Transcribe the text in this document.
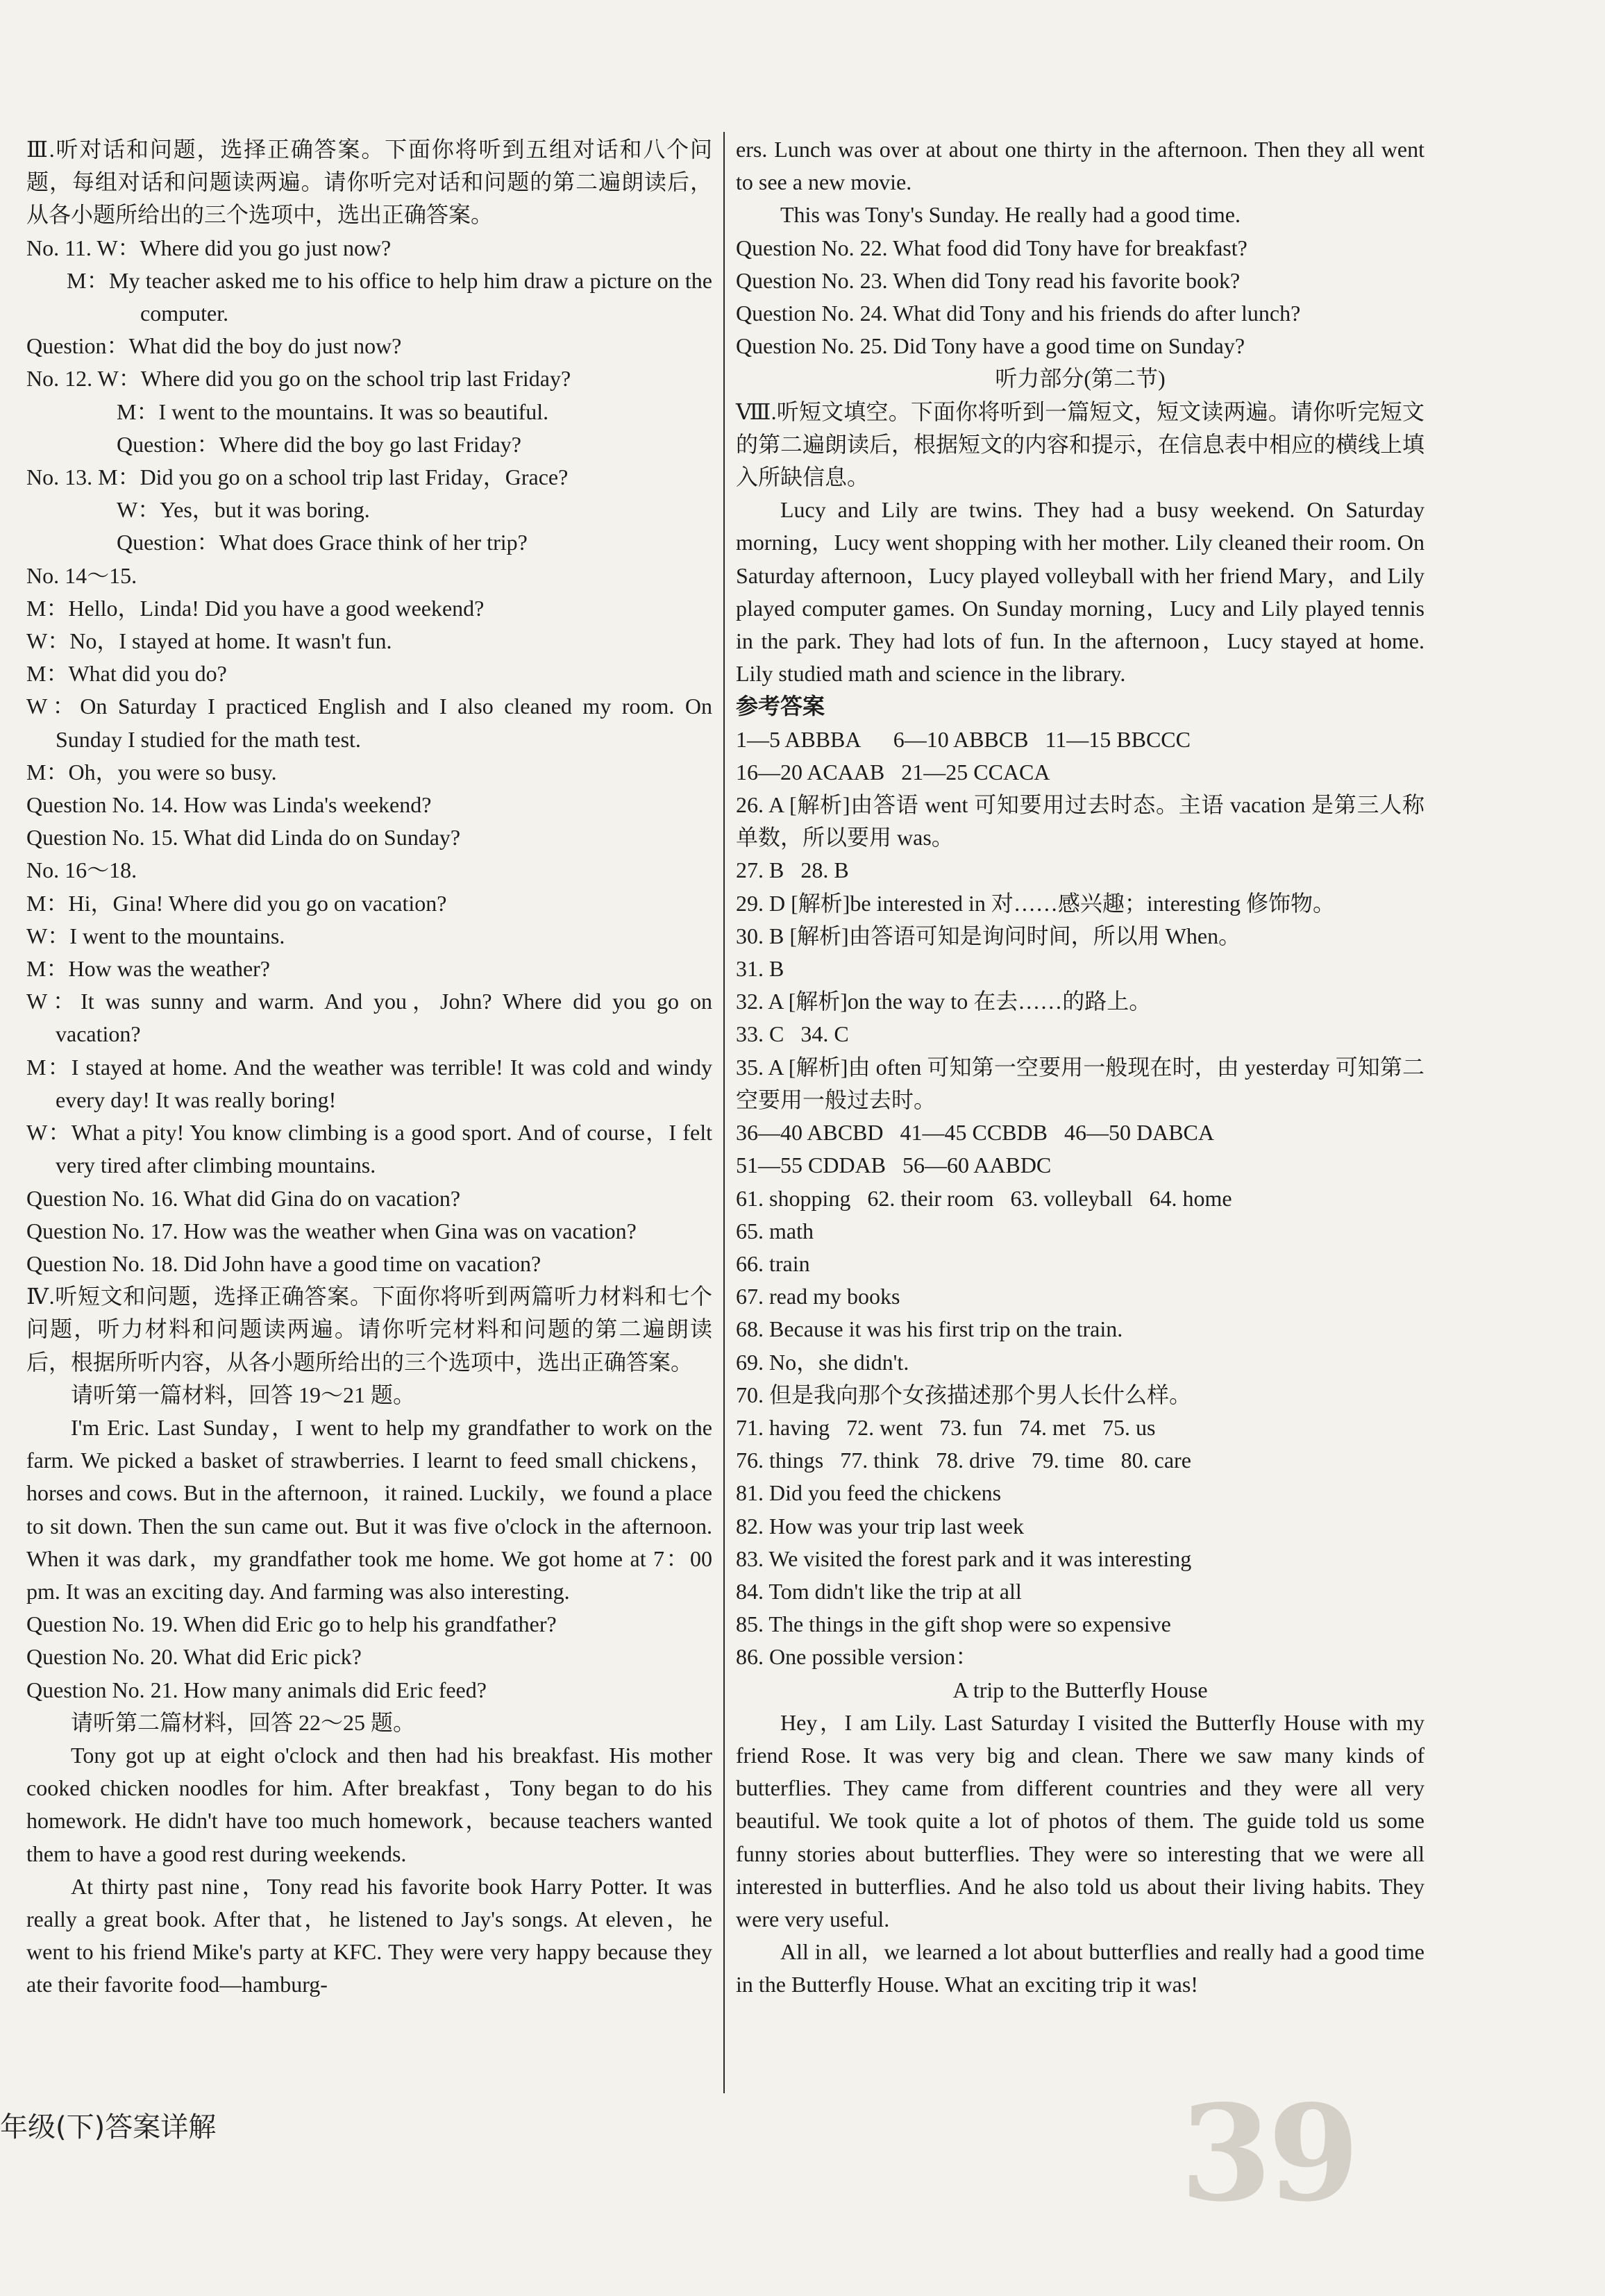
Ⅲ.听对话和问题，选择正确答案。下面你将听到五组对话和八个问题，每组对话和问题读两遍。请你听完对话和问题的第二遍朗读后，从各小题所给出的三个选项中，选出正确答案。

No. 11. W：Where did you go just now?

M：My teacher asked me to his office to help him draw a picture on the computer.

Question：What did the boy do just now?

No. 12. W：Where did you go on the school trip last Friday?

M：I went to the mountains. It was so beautiful.

Question：Where did the boy go last Friday?

No. 13. M：Did you go on a school trip last Friday，Grace?

W：Yes，but it was boring.

Question：What does Grace think of her trip?

No. 14～15.

M：Hello，Linda! Did you have a good weekend?

W：No，I stayed at home. It wasn't fun.

M：What did you do?

W：On Saturday I practiced English and I also cleaned my room. On Sunday I studied for the math test.

M：Oh，you were so busy.

Question No. 14. How was Linda's weekend?

Question No. 15. What did Linda do on Sunday?

No. 16～18.

M：Hi，Gina! Where did you go on vacation?

W：I went to the mountains.

M：How was the weather?

W：It was sunny and warm. And you，John? Where did you go on vacation?

M：I stayed at home. And the weather was terrible! It was cold and windy every day! It was really boring!

W：What a pity! You know climbing is a good sport. And of course，I felt very tired after climbing mountains.

Question No. 16. What did Gina do on vacation?

Question No. 17. How was the weather when Gina was on vacation?

Question No. 18. Did John have a good time on vacation?

Ⅳ.听短文和问题，选择正确答案。下面你将听到两篇听力材料和七个问题，听力材料和问题读两遍。请你听完材料和问题的第二遍朗读后，根据所听内容，从各小题所给出的三个选项中，选出正确答案。

请听第一篇材料，回答 19～21 题。

I'm Eric. Last Sunday，I went to help my grandfather to work on the farm. We picked a basket of strawberries. I learnt to feed small chickens，horses and cows. But in the afternoon，it rained. Luckily，we found a place to sit down. Then the sun came out. But it was five o'clock in the afternoon. When it was dark，my grandfather took me home. We got home at 7：00 pm. It was an exciting day. And farming was also interesting.

Question No. 19. When did Eric go to help his grandfather?

Question No. 20. What did Eric pick?

Question No. 21. How many animals did Eric feed?

请听第二篇材料，回答 22～25 题。

Tony got up at eight o'clock and then had his breakfast. His mother cooked chicken noodles for him. After breakfast，Tony began to do his homework. He didn't have too much homework，because teachers wanted them to have a good rest during weekends.

At thirty past nine，Tony read his favorite book Harry Potter. It was really a great book. After that，he listened to Jay's songs. At eleven，he went to his friend Mike's party at KFC. They were very happy because they ate their favorite food—hamburg-

ers. Lunch was over at about one thirty in the afternoon. Then they all went to see a new movie.

This was Tony's Sunday. He really had a good time.

Question No. 22. What food did Tony have for breakfast?

Question No. 23. When did Tony read his favorite book?

Question No. 24. What did Tony and his friends do after lunch?

Question No. 25. Did Tony have a good time on Sunday?

听力部分(第二节)

Ⅷ.听短文填空。下面你将听到一篇短文，短文读两遍。请你听完短文的第二遍朗读后，根据短文的内容和提示，在信息表中相应的横线上填入所缺信息。

Lucy and Lily are twins. They had a busy weekend. On Saturday morning，Lucy went shopping with her mother. Lily cleaned their room. On Saturday afternoon，Lucy played volleyball with her friend Mary，and Lily played computer games. On Sunday morning，Lucy and Lily played tennis in the park. They had lots of fun. In the afternoon，Lucy stayed at home. Lily studied math and science in the library.

参考答案

1—5 ABBBA      6—10 ABBCB   11—15 BBCCC

16—20 ACAAB   21—25 CCACA

26. A [解析]由答语 went 可知要用过去时态。主语 vacation 是第三人称单数，所以要用 was。

27. B   28. B

29. D [解析]be interested in 对……感兴趣；interesting 修饰物。

30. B [解析]由答语可知是询问时间，所以用 When。

31. B

32. A [解析]on the way to 在去……的路上。

33. C   34. C

35. A [解析]由 often 可知第一空要用一般现在时，由 yesterday 可知第二空要用一般过去时。

36—40 ABCBD   41—45 CCBDB   46—50 DABCA

51—55 CDDAB   56—60 AABDC

61. shopping   62. their room   63. volleyball   64. home

65. math

66. train

67. read my books

68. Because it was his first trip on the train.

69. No，she didn't.

70. 但是我向那个女孩描述那个男人长什么样。

71. having   72. went   73. fun   74. met   75. us

76. things   77. think   78. drive   79. time   80. care

81. Did you feed the chickens

82. How was your trip last week

83. We visited the forest park and it was interesting

84. Tom didn't like the trip at all

85. The things in the gift shop were so expensive

86. One possible version：

A trip to the Butterfly House

Hey，I am Lily. Last Saturday I visited the Butterfly House with my friend Rose. It was very big and clean. There we saw many kinds of butterflies. They came from different countries and they were all very beautiful. We took quite a lot of photos of them. The guide told us some funny stories about butterflies. They were so interesting that we were all interested in butterflies. And he also told us about their living habits. They were very useful.

All in all，we learned a lot about butterflies and really had a good time in the Butterfly House. What an exciting trip it was!

年级(下)答案详解	39
